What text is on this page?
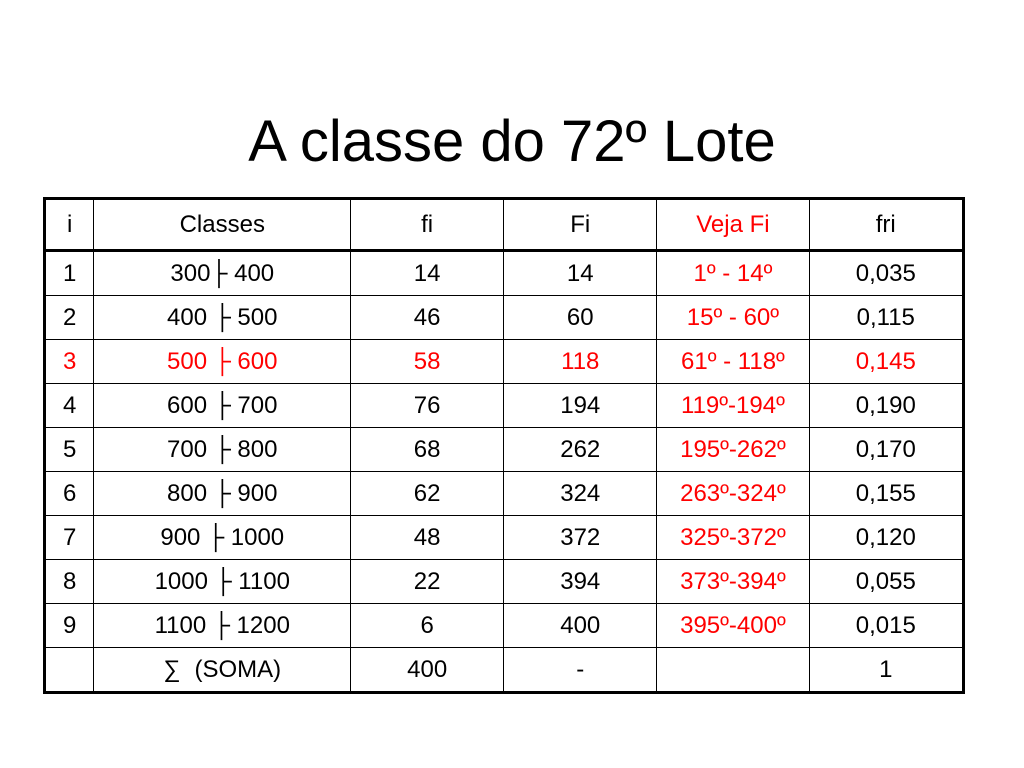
A classe do 72º Lote
i	Classes	fi	Fi	Veja Fi	fri
1	300├ 400	14	14	1º - 14º	0,035
2	400 ├ 500	46	60	15º - 60º	0,115
3	500 ├ 600	58	118	61º - 118º	0,145
4	600 ├ 700	76	194	119º-194º	0,190
5	700 ├ 800	68	262	195º-262º	0,170
6	800 ├ 900	62	324	263º-324º	0,155
7	900 ├ 1000	48	372	325º-372º	0,120
8	1000 ├ 1100	22	394	373º-394º	0,055
9	1100 ├ 1200	6	400	395º-400º	0,015
	∑ (SOMA)	400	-		1
